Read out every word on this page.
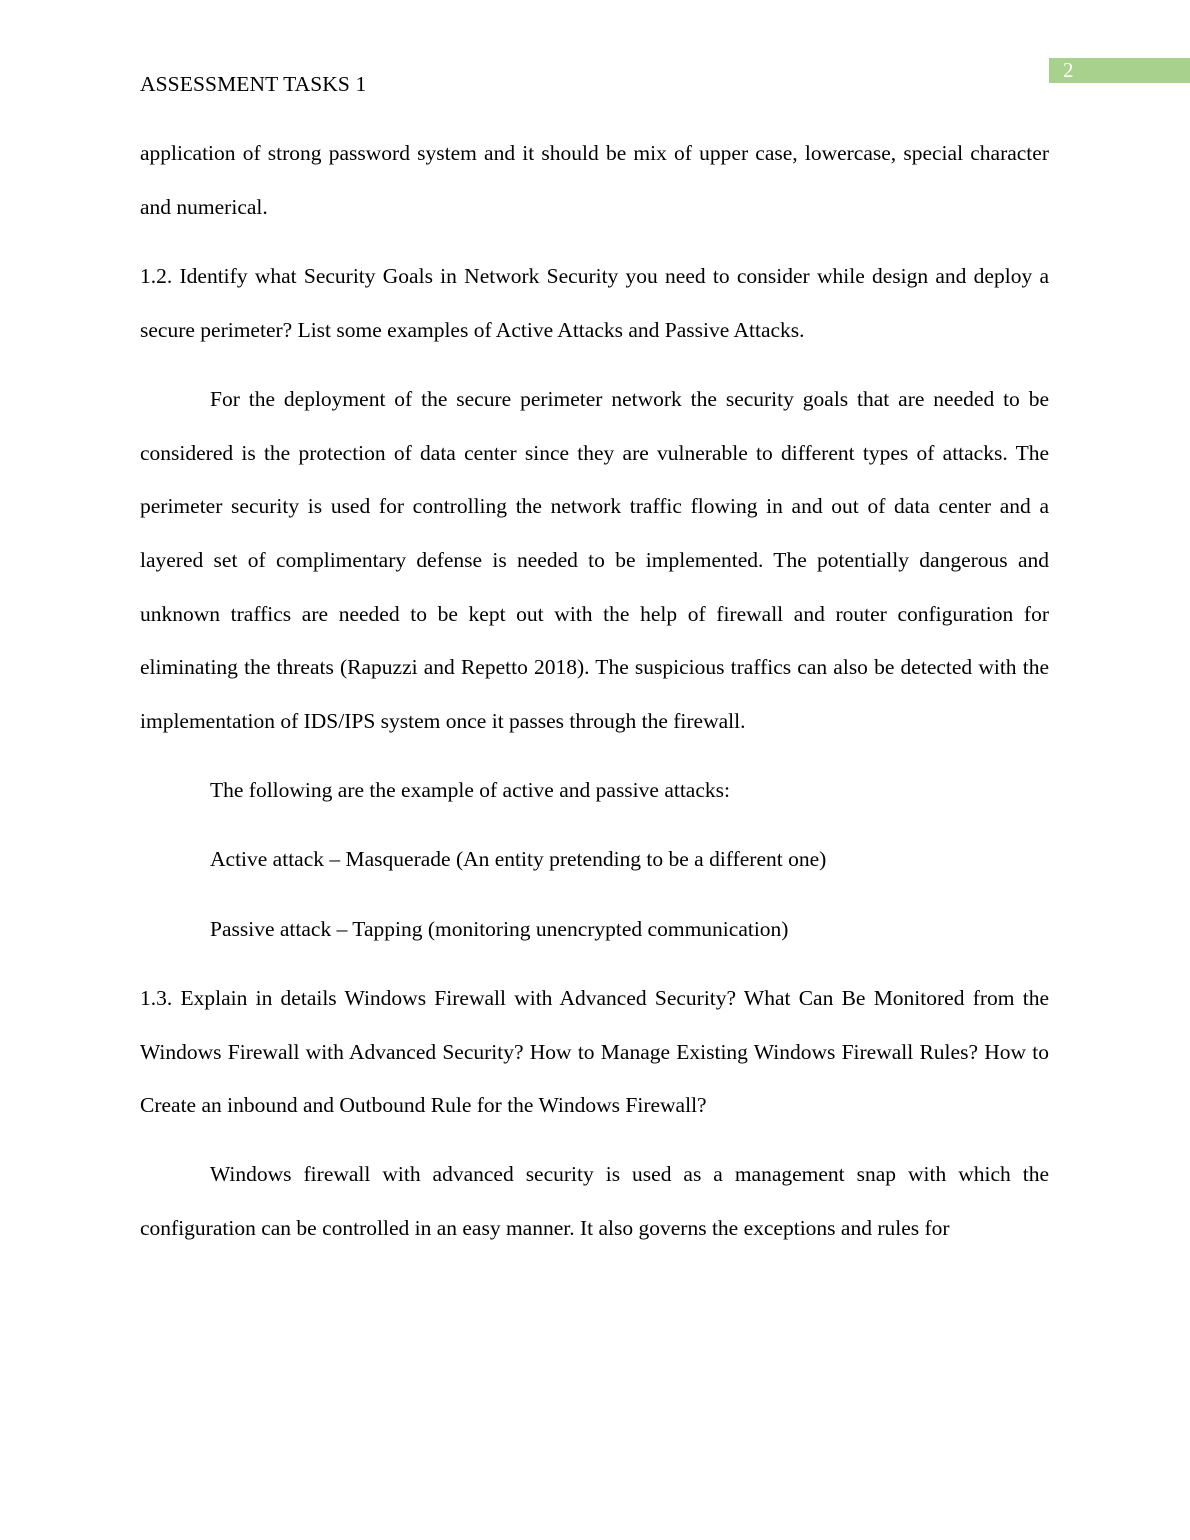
2
ASSESSMENT TASKS 1

application of strong password system and it should be mix of upper case, lowercase, special character and numerical.

1.2. Identify what Security Goals in Network Security you need to consider while design and deploy a secure perimeter? List some examples of Active Attacks and Passive Attacks.

For the deployment of the secure perimeter network the security goals that are needed to be considered is the protection of data center since they are vulnerable to different types of attacks. The perimeter security is used for controlling the network traffic flowing in and out of data center and a layered set of complimentary defense is needed to be implemented. The potentially dangerous and unknown traffics are needed to be kept out with the help of firewall and router configuration for eliminating the threats (Rapuzzi and Repetto 2018). The suspicious traffics can also be detected with the implementation of IDS/IPS system once it passes through the firewall.

The following are the example of active and passive attacks:

Active attack – Masquerade (An entity pretending to be a different one)

Passive attack – Tapping (monitoring unencrypted communication)

1.3. Explain in details Windows Firewall with Advanced Security? What Can Be Monitored from the Windows Firewall with Advanced Security? How to Manage Existing Windows Firewall Rules? How to Create an inbound and Outbound Rule for the Windows Firewall?

Windows firewall with advanced security is used as a management snap with which the configuration can be controlled in an easy manner. It also governs the exceptions and rules for
